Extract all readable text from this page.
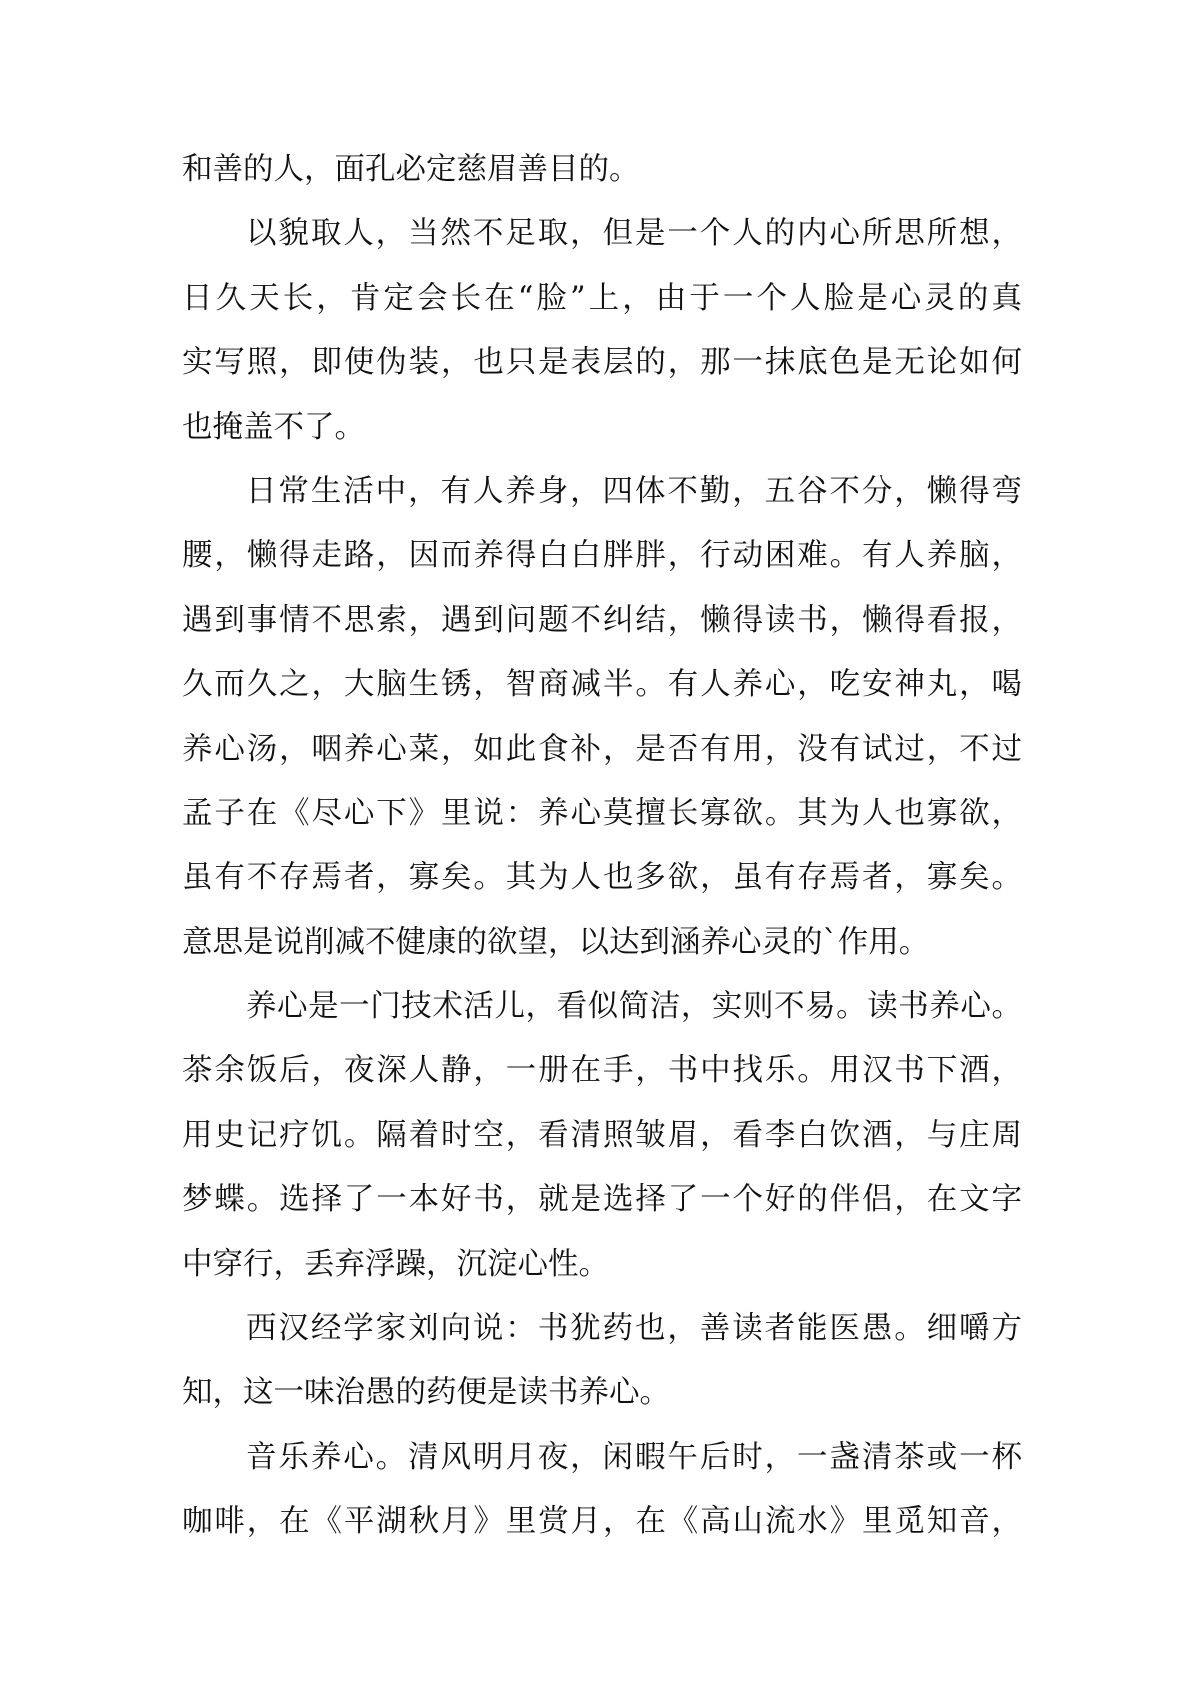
和善的人，面孔必定慈眉善目的。
以貌取人，当然不足取，但是一个人的内心所思所想，
日久天长，肯定会长在“脸”上，由于一个人脸是心灵的真
实写照，即使伪装，也只是表层的，那一抹底色是无论如何
也掩盖不了。
日常生活中，有人养身，四体不勤，五谷不分，懒得弯
腰，懒得走路，因而养得白白胖胖，行动困难。有人养脑，
遇到事情不思索，遇到问题不纠结，懒得读书，懒得看报，
久而久之，大脑生锈，智商减半。有人养心，吃安神丸，喝
养心汤，咽养心菜，如此食补，是否有用，没有试过，不过
孟子在《尽心下》里说：养心莫擅长寡欲。其为人也寡欲，
虽有不存焉者，寡矣。其为人也多欲，虽有存焉者，寡矣。
意思是说削减不健康的欲望，以达到涵养心灵的`作用。
养心是一门技术活儿，看似简洁，实则不易。读书养心。
茶余饭后，夜深人静，一册在手，书中找乐。用汉书下酒，
用史记疗饥。隔着时空，看清照皱眉，看李白饮酒，与庄周
梦蝶。选择了一本好书，就是选择了一个好的伴侣，在文字
中穿行，丢弃浮躁，沉淀心性。
西汉经学家刘向说：书犹药也，善读者能医愚。细嚼方
知，这一味治愚的药便是读书养心。
音乐养心。清风明月夜，闲暇午后时，一盏清茶或一杯
咖啡，在《平湖秋月》里赏月，在《高山流水》里觅知音，
